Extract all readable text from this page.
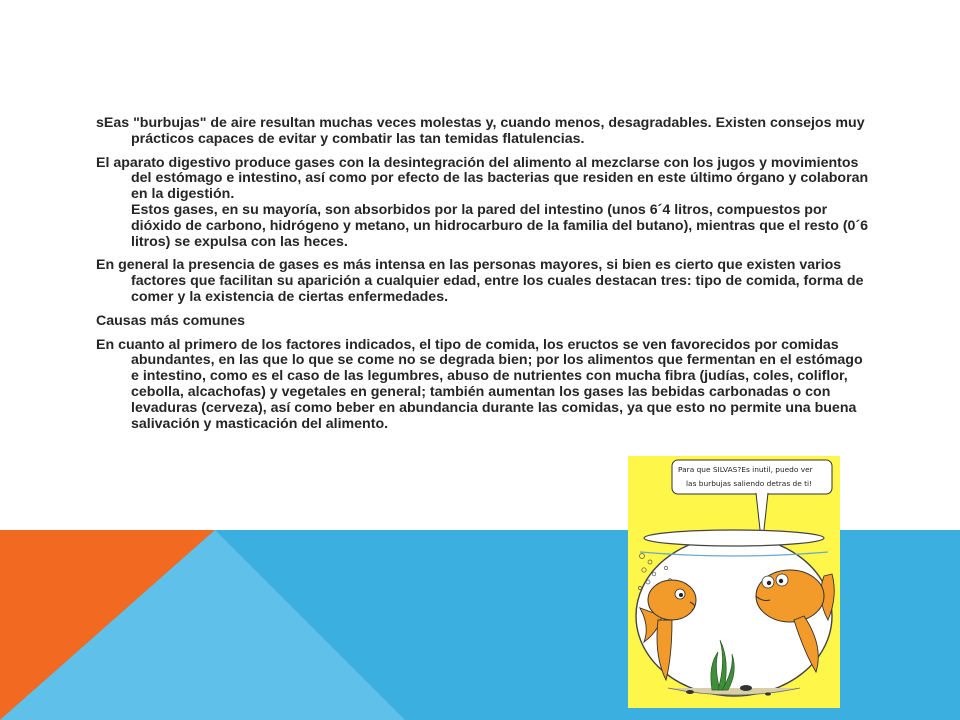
sEas "burbujas" de aire resultan muchas veces molestas y, cuando menos, desagradables. Existen consejos muy prácticos capaces de evitar y combatir las tan temidas flatulencias.

El aparato digestivo produce gases con la desintegración del alimento al mezclarse con los jugos y movimientos del estómago e intestino, así como por efecto de las bacterias que residen en este último órgano y colaboran en la digestión.
Estos gases, en su mayoría, son absorbidos por la pared del intestino (unos 6´4 litros, compuestos por dióxido de carbono, hidrógeno y metano, un hidrocarburo de la familia del butano), mientras que el resto (0´6 litros) se expulsa con las heces.

En general la presencia de gases es más intensa en las personas mayores, si bien es cierto que existen varios factores que facilitan su aparición a cualquier edad, entre los cuales destacan tres: tipo de comida, forma de comer y la existencia de ciertas enfermedades.

Causas más comunes

En cuanto al primero de los factores indicados, el tipo de comida, los eructos se ven favorecidos por comidas abundantes, en las que lo que se come no se degrada bien; por los alimentos que fermentan en el estómago e intestino, como es el caso de las legumbres, abuso de nutrientes con mucha fibra (judías, coles, coliflor, cebolla, alcachofas) y vegetales en general; también aumentan los gases las bebidas carbonadas o con levaduras (cerveza), así como beber en abundancia durante las comidas, ya que esto no permite una buena salivación y masticación del alimento.

Para que SILVAS?Es inutil, puedo ver
las burbujas saliendo detras de ti!
